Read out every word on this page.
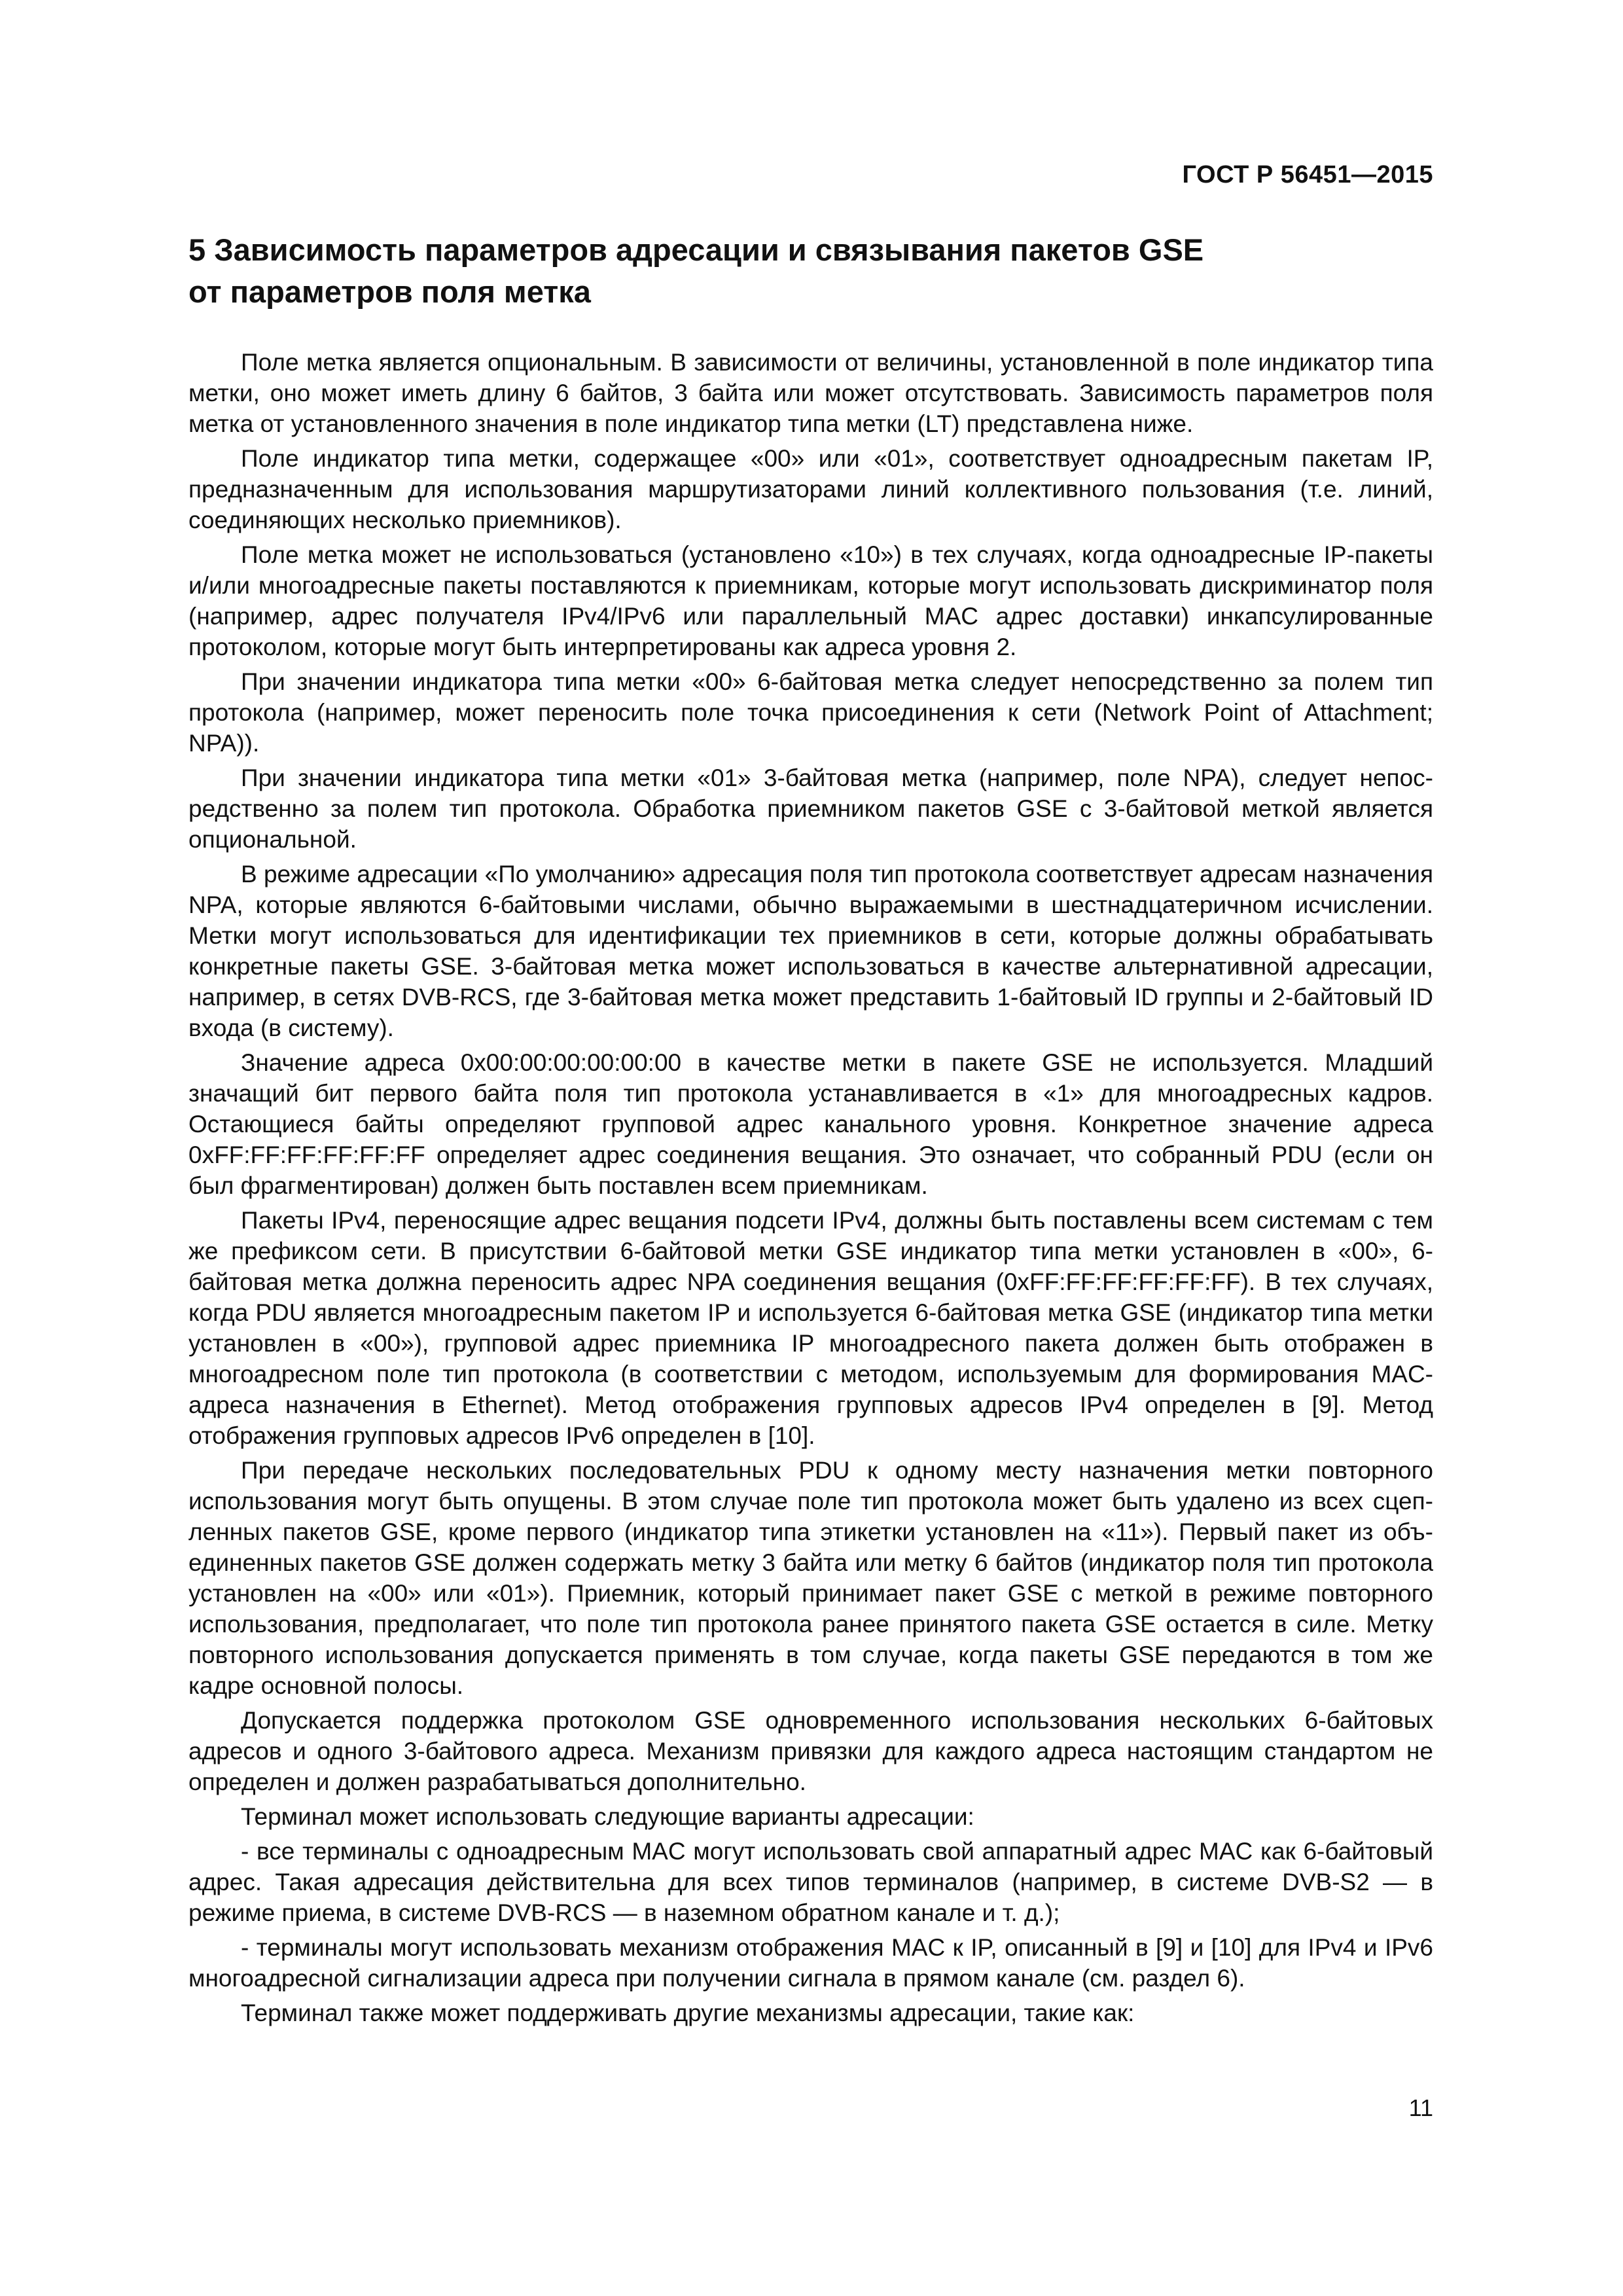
ГОСТ Р 56451—2015
5 Зависимость параметров адресации и связывания пакетов GSE
от параметров поля метка

Поле метка является опциональным. В зависимости от величины, установленной в поле индикатор типа метки, оно может иметь длину 6 байтов, 3 байта или может отсутствовать. Зависимость параметров поля метка от установленного значения в поле индикатор типа метки (LT) представлена ниже.

Поле индикатор типа метки, содержащее «00» или «01», соответствует одноадресным пакетам IP, предназначенным для использования маршрутизаторами линий коллективного пользования (т.е. линий, соединяющих несколько приемников).

Поле метка может не использоваться (установлено «10») в тех случаях, когда одноадресные IP-пакеты и/или многоадресные пакеты поставляются к приемникам, которые могут использовать дискриминатор поля (например, адрес получателя IPv4/IPv6 или параллельный MAC адрес доставки) инкапсулированные протоколом, которые могут быть интерпретированы как адреса уровня 2.

При значении индикатора типа метки «00» 6-байтовая метка следует непосредственно за полем тип протокола (например, может переносить поле точка присоединения к сети (Network Point of Attachment; NPA)).

При значении индикатора типа метки «01» 3-байтовая метка (например, поле NPA), следует непосредственно за полем тип протокола. Обработка приемником пакетов GSE с 3-байтовой меткой является опциональной.

В режиме адресации «По умолчанию» адресация поля тип протокола соответствует адресам назначения NPA, которые являются 6-байтовыми числами, обычно выражаемыми в шестнадцатеричном исчислении. Метки могут использоваться для идентификации тех приемников в сети, которые должны обрабатывать конкретные пакеты GSE. 3-байтовая метка может использоваться в качестве альтернативной адресации, например, в сетях DVB-RCS, где 3-байтовая метка может представить 1-байтовый ID группы и 2-байтовый ID входа (в систему).

Значение адреса 0x00:00:00:00:00:00 в качестве метки в пакете GSE не используется. Младший значащий бит первого байта поля тип протокола устанавливается в «1» для многоадресных кадров. Остающиеся байты определяют групповой адрес канального уровня. Конкретное значение адреса 0xFF:FF:FF:FF:FF:FF определяет адрес соединения вещания. Это означает, что собранный PDU (если он был фрагментирован) должен быть поставлен всем приемникам.

Пакеты IPv4, переносящие адрес вещания подсети IPv4, должны быть поставлены всем системам с тем же префиксом сети. В присутствии 6-байтовой метки GSE индикатор типа метки установлен в «00», 6-байтовая метка должна переносить адрес NPA соединения вещания (0xFF:FF:FF:FF:FF:FF). В тех случаях, когда PDU является многоадресным пакетом IP и используется 6-байтовая метка GSE (индикатор типа метки установлен в «00»), групповой адрес приемника IP многоадресного пакета должен быть отображен в многоадресном поле тип протокола (в соответствии с методом, используемым для формирования MAC-адреса назначения в Ethernet). Метод отображения групповых адресов IPv4 определен в [9]. Метод отображения групповых адресов IPv6 определен в [10].

При передаче нескольких последовательных PDU к одному месту назначения метки повторного использования могут быть опущены. В этом случае поле тип протокола может быть удалено из всех сцепленных пакетов GSE, кроме первого (индикатор типа этикетки установлен на «11»). Первый пакет из объединенных пакетов GSE должен содержать метку 3 байта или метку 6 байтов (индикатор поля тип протокола установлен на «00» или «01»). Приемник, который принимает пакет GSE с меткой в режиме повторного использования, предполагает, что поле тип протокола ранее принятого пакета GSE остается в силе. Метку повторного использования допускается применять в том случае, когда пакеты GSE передаются в том же кадре основной полосы.

Допускается поддержка протоколом GSE одновременного использования нескольких 6-байтовых адресов и одного 3-байтового адреса. Механизм привязки для каждого адреса настоящим стандартом не определен и должен разрабатываться дополнительно.

Терминал может использовать следующие варианты адресации:

- все терминалы с одноадресным MAC могут использовать свой аппаратный адрес MAC как 6-байтовый адрес. Такая адресация действительна для всех типов терминалов (например, в системе DVB-S2 — в режиме приема, в системе DVB-RCS — в наземном обратном канале и т. д.);

- терминалы могут использовать механизм отображения MAC к IP, описанный в [9] и [10] для IPv4 и IPv6 многоадресной сигнализации адреса при получении сигнала в прямом канале (см. раздел 6).

Терминал также может поддерживать другие механизмы адресации, такие как:

11
